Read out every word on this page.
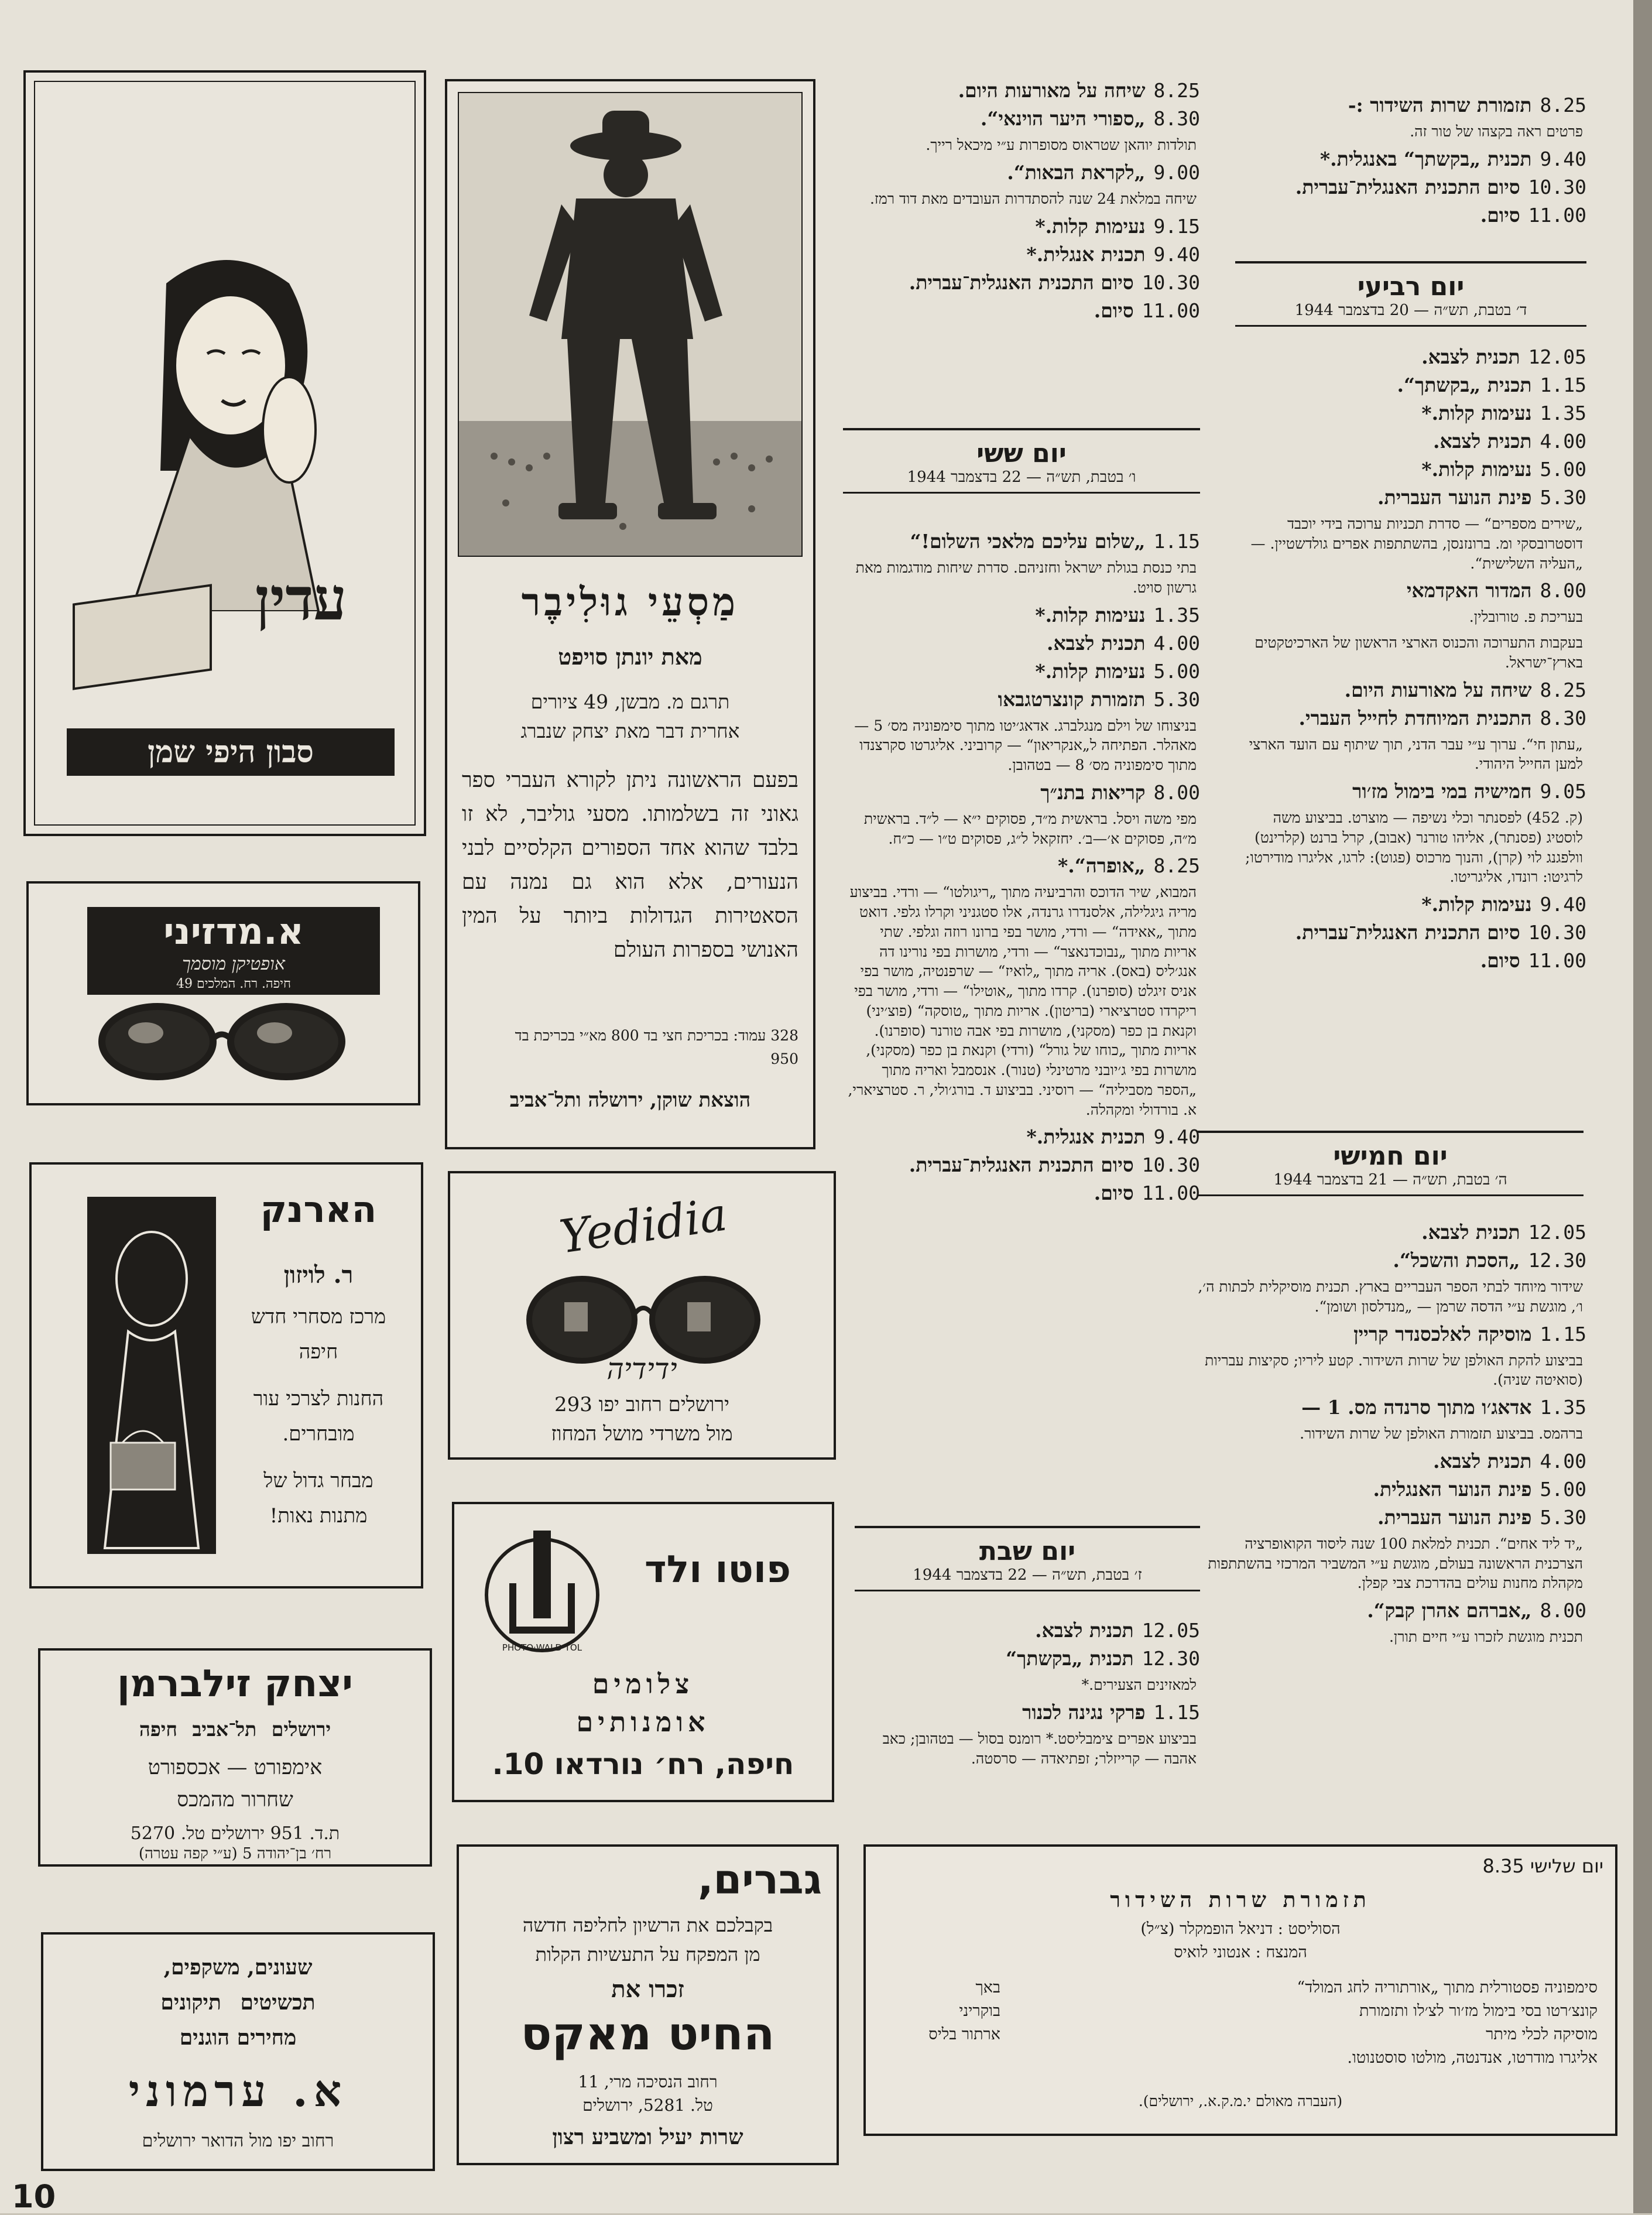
8.25
תזמורת שרות השידור :-
פרטים ראה בקצהו של טור זה.
9.40
תכנית „בקשתך“ באנגלית.*
10.30
סיום התכנית האנגלית־עברית.
11.00
סיום.
יום רביעי
ד׳ בטבת, תש״ה — 20 בדצמבר 1944
12.05
תכנית לצבא.
1.15
תכנית „בקשתך“.
1.35
נעימות קלות.*
4.00
תכנית לצבא.
5.00
נעימות קלות.*
5.30
פינת הנוער העברית.
„שירים מספרים“ — סדרת תכניות ערוכה בידי יוכבד דוסטרובסקי ומ. ברונזנסן, בהשתתפות אפרים גולדשטיין. —„העליה השלישית“.
8.00
המדור האקדמאי
בעריכת פ. טורובלין.
בעקבות התערוכה והכנוס הארצי הראשון של הארכיטקטים בארץ־ישראל.
8.25
שיחה על מאורעות היום.
8.30
התכנית המיוחדת לחייל העברי.
„עתון חי“. ערוך ע״י עבר הדני, תוך שיתוף עם הועד הארצי למען החייל היהודי.
9.05
חמישיה במי בימול מז׳ור
(ק. 452) לפסנתר וכלי נשיפה — מוצרט. בביצוע משה לוסטיג (פסנתר), אליהו טורנר (אבוב), קרל ברנט (קלרינט) וולפגנג לוי (קרן), והנוך מרכוס (פגוט): לרגו, אליגרו מודירטו; לרגיטו: רונדו, אליגריטו.
9.40
נעימות קלות.*
10.30
סיום התכנית האנגלית־עברית.
11.00
סיום.
יום חמישי
ה׳ בטבת, תש״ה — 21 בדצמבר 1944
12.05
תכנית לצבא.
12.30
„הסכת והשכל“.
שידור מיוחד לבתי הספר העבריים בארץ. תכנית מוסיקלית לכתות ה׳, ו׳, מוגשת ע״י הדסה שרמן — „מנדלסון ושומן“.
1.15
מוסיקה לאלכסנדר קריין
בביצוע להקת האולפן של שרות השידור. קטע ליריו; סקיצות עבריות (סואיטה שניה).
1.35
אדאג׳ו מתוך סרנדה מס. 1 —
ברהמס. בביצוע תזמורת האולפן של שרות השידור.
4.00
תכנית לצבא.
5.00
פינת הנוער האנגלית.
5.30
פינת הנוער העברית.
„יד ליד אחים“. תכנית למלאת 100 שנה ליסוד הקואופרציה הצרכנית הראשונה בעולם, מוגשת ע״י המשביר המרכזי בהשתתפות מקהלת מחנות עולים בהדרכת צבי קפלן.
8.00
„אברהם אהרן קבק“.
תכנית מוגשת לזכרו ע״י חיים תורן.
8.25
שיחה על מאורעות היום.
8.30
„ספורי היער הוינאי“.
תולדות יוהאן שטראוס מסופרות ע״י מיכאל רייך.
9.00
„לקראת הבאות“.
שיחה במלאת 24 שנה להסתדרות העובדים מאת דוד רמז.
9.15
נעימות קלות.*
9.40
תכנית אנגלית.*
10.30
סיום התכנית האנגלית־עברית.
11.00
סיום.
יום ששי
ו׳ בטבת, תש״ה — 22 בדצמבר 1944
1.15
„שלום עליכם מלאכי השלום!“
בתי כנסת בגולת ישראל וחזניהם. סדרת שיחות מודגמות מאת גרשון סויט.
1.35
נעימות קלות.*
4.00
תכנית לצבא.
5.00
נעימות קלות.*
5.30
תזמורת קונצרטגבאו
בניצוחו של וילם מנגלברג. אדאג׳יטו מתוך סימפוניה מס׳ 5 — מאהלר. הפתיחה ל„אנקריאון“ — קרוביני. אליגרטו סקרצנדו מתוך סימפוניה מס׳ 8 — בטהובן.
8.00
קריאות בתנ״ך
מפי משה ויסל. בראשית מ״ד, פסוקים י״א — ל״ד. בראשית מ״ה, פסוקים א׳—ב׳. יחזקאל ל״ג, פסוקים ט״ו — כ״ח.
8.25
„אופרה“.*
המבוא, שיר הדוכס והרביעיה מתוך „ריגולטו“ — ורדי. בביצוע מריה גיגלילה, אלסנדרו גרנדה, אלו סטגניני וקרלו גלפי. דואט מתוך „אאידה“ — ורדי, מושר בפי ברונו רוזה וגלפי. שתי אריות מתוך „נבוכדנאצר“ — ורדי, מושרות בפי נורינו דה אנג׳ליס (באס). אריה מתוך „לואיז“ — שרפנטיה, מושר בפי אניס זיגלט (סופרנו). קרדו מתוך „אוטילו“ — ורדי, מושר בפי ריקרדו סטרציארי (בריטון). אריות מתוך „טוסקה“ (פוצ׳יני) וקנאת בן כפר (מסקני), מושרות בפי אבה טורנר (סופרנו). אריות מתוך „כוחו של גורל“ (ורדי) וקנאת בן כפר (מסקני), מושרות בפי ג׳יובני מרטינלי (טנור). אנסמבל ואריה מתוך „הספר מסביליה“ — רוסיני. בביצוע ד. בורג׳ולי, ר. סטרציארי, א. בורדולי ומקהלה.
9.40
תכנית אנגלית.*
10.30
סיום התכנית האנגלית־עברית.
11.00
סיום.
יום שבת
ז׳ בטבת, תש״ה — 22 בדצמבר 1944
12.05
תכנית לצבא.
12.30
תכנית „בקשתך“
למאזינים הצעירים.*
1.15
פרקי נגינה לכנור
בביצוע אפרים צימבליסט.* רומנס בסול — בטהובן; כאב אהבה — קרייזלר; זפתיאדה — סרסטה.
יום שלישי 8.35
תזמורת שרות השידור
הסוליסט : דניאל הופמקלר (צ״ל)
המנצח : אנטוני לואיס
סימפוניה פסטורלית מתוך „אורתוריה לחג המולד“
קונצ׳רטו בסי בימול מז׳ור לצ׳לו ותזמורת
מוסיקה לכלי מיתר
אליגרו מודרטו, אנדנטה, מולטו סוסטנוטו.
באך
בוקריני
ארתור בליס
(העברה מאולם י.מ.ק.א., ירושלים).
מַסְעֵי גוּלִיבֶר
מאת יונתן סויפט
תרגם מ. מבשן, 49 ציורים
אחרית דבר מאת יצחק שנברג
בפעם הראשונה ניתן לקורא העברי ספר גאוני זה בשלמותו. מסעי גוליבר, לא זו בלבד שהוא אחד הספורים הקלסיים לבני הנעורים, אלא הוא גם נמנה עם הסאטירות הגדולות ביותר על המין האנושי בספרות העולם
328 עמוד: בכריכת חצי בד 800 מא״י בכריכת בד 950
הוצאת שוקן, ירושלה ותל־אביב
עדין
סבון היפי שמן
א.מדזיני
אופטיקן מוסמך
חיפה. רח. המלכים 49
הארנק
ר. לויזון
מרכז מסחרי חדש
חיפה
החנות לצרכי עור
מובחרים.
מבחר גדול של
מתנות נאות!
Yedidia
ידידיה
ירושלים רחוב יפו 293
מול משרדי מושל המחוז
פוטו ולד
PHOTO·WALD·TOL
צלומים
אומנותים
חיפה, רח׳ נורדאו 10.
יצחק זילברמן
ירושלים תל־אביב חיפה
אימפורט — אכספורט
שחרור מהמכס
ת.ד. 951 ירושלים טל. 5270
רח׳ בן־יהודה 5 (ע״י קפה עטרה)
גברים,
בקבלכם את הרשיון לחליפה חדשה
מן המפקח על התעשיות הקלות
זכרו את
החיט מאקס
רחוב הנסיכה מרי, 11
טל. 5281, ירושלים
שרות יעיל ומשביע רצון
שעונים, משקפים,
תכשיטים תיקונים
מחירים הוגנים
א. ערמוני
רחוב יפו מול הדואר ירושלים
10
